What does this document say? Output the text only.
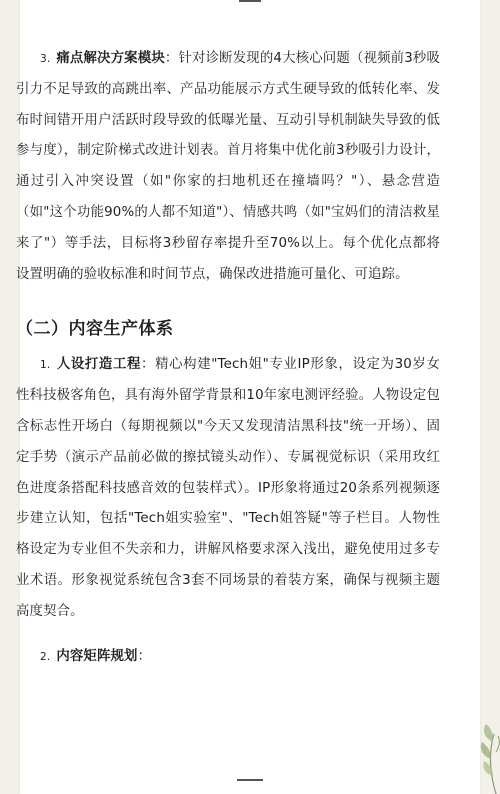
3. 痛点解决方案模块：针对诊断发现的4大核心问题（视频前3秒吸引力不足导致的高跳出率、产品功能展示方式生硬导致的低转化率、发布时间错开用户活跃时段导致的低曝光量、互动引导机制缺失导致的低参与度），制定阶梯式改进计划表。首月将集中优化前3秒吸引力设计，通过引入冲突设置（如"你家的扫地机还在撞墙吗？"）、悬念营造（如"这个功能90%的人都不知道"）、情感共鸣（如"宝妈们的清洁救星来了"）等手法，目标将3秒留存率提升至70%以上。每个优化点都将设置明确的验收标准和时间节点，确保改进措施可量化、可追踪。

（二）内容生产体系

1. 人设打造工程：精心构建"Tech姐"专业IP形象，设定为30岁女性科技极客角色，具有海外留学背景和10年家电测评经验。人物设定包含标志性开场白（每期视频以"今天又发现清洁黑科技"统一开场）、固定手势（演示产品前必做的擦拭镜头动作）、专属视觉标识（采用玫红色进度条搭配科技感音效的包装样式）。IP形象将通过20条系列视频逐步建立认知，包括"Tech姐实验室"、"Tech姐答疑"等子栏目。人物性格设定为专业但不失亲和力，讲解风格要求深入浅出，避免使用过多专业术语。形象视觉系统包含3套不同场景的着装方案，确保与视频主题高度契合。

2. 内容矩阵规划：
